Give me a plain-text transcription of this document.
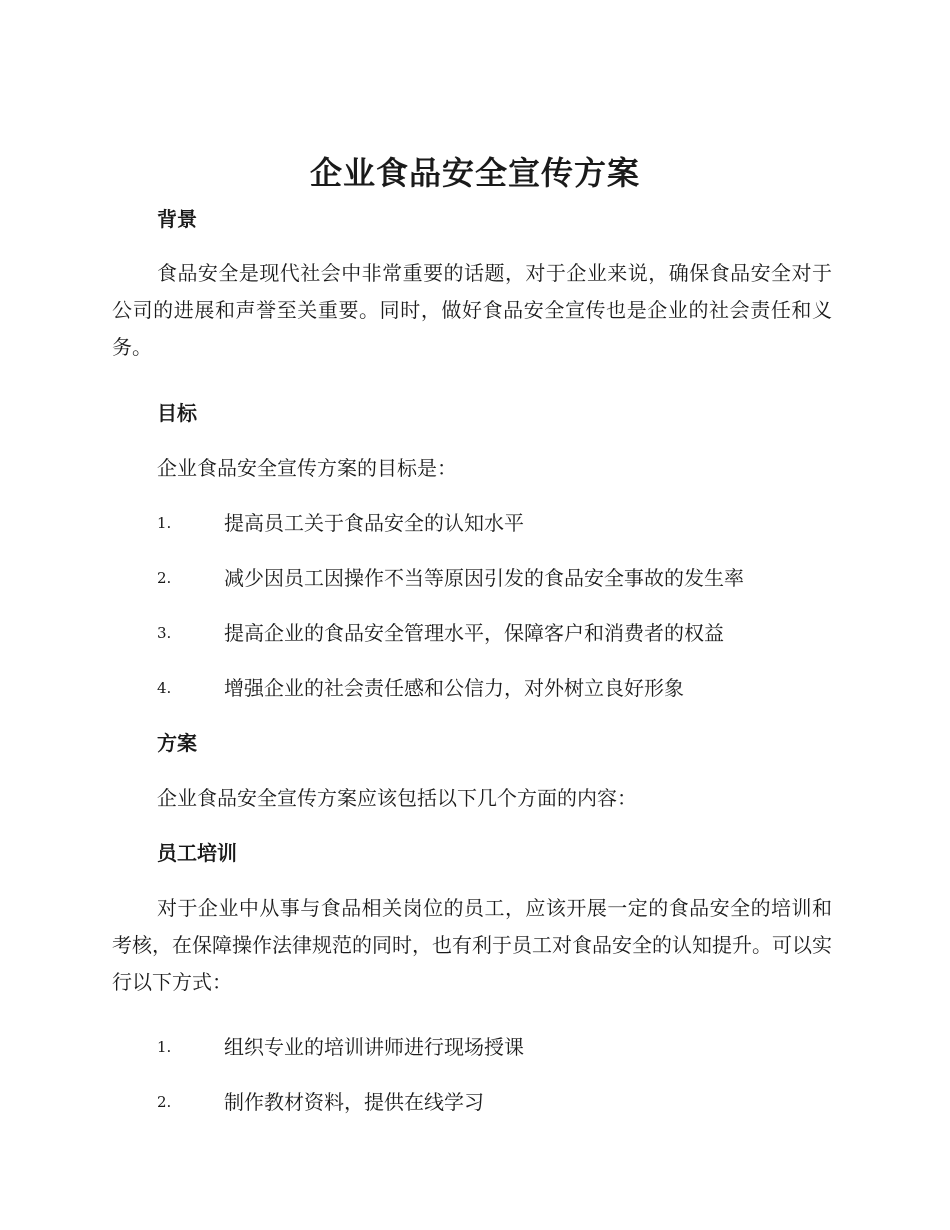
企业食品安全宣传方案
背景

食品安全是现代社会中非常重要的话题，对于企业来说，确保食品安全对于公司的进展和声誉至关重要。同时，做好食品安全宣传也是企业的社会责任和义务。

目标

企业食品安全宣传方案的目标是：

1.	提高员工关于食品安全的认知水平
2.	减少因员工因操作不当等原因引发的食品安全事故的发生率
3.	提高企业的食品安全管理水平，保障客户和消费者的权益
4.	增强企业的社会责任感和公信力，对外树立良好形象
方案

企业食品安全宣传方案应该包括以下几个方面的内容：

员工培训

对于企业中从事与食品相关岗位的员工，应该开展一定的食品安全的培训和考核，在保障操作法律规范的同时，也有利于员工对食品安全的认知提升。可以实行以下方式：

1.	组织专业的培训讲师进行现场授课
2.	制作教材资料，提供在线学习
